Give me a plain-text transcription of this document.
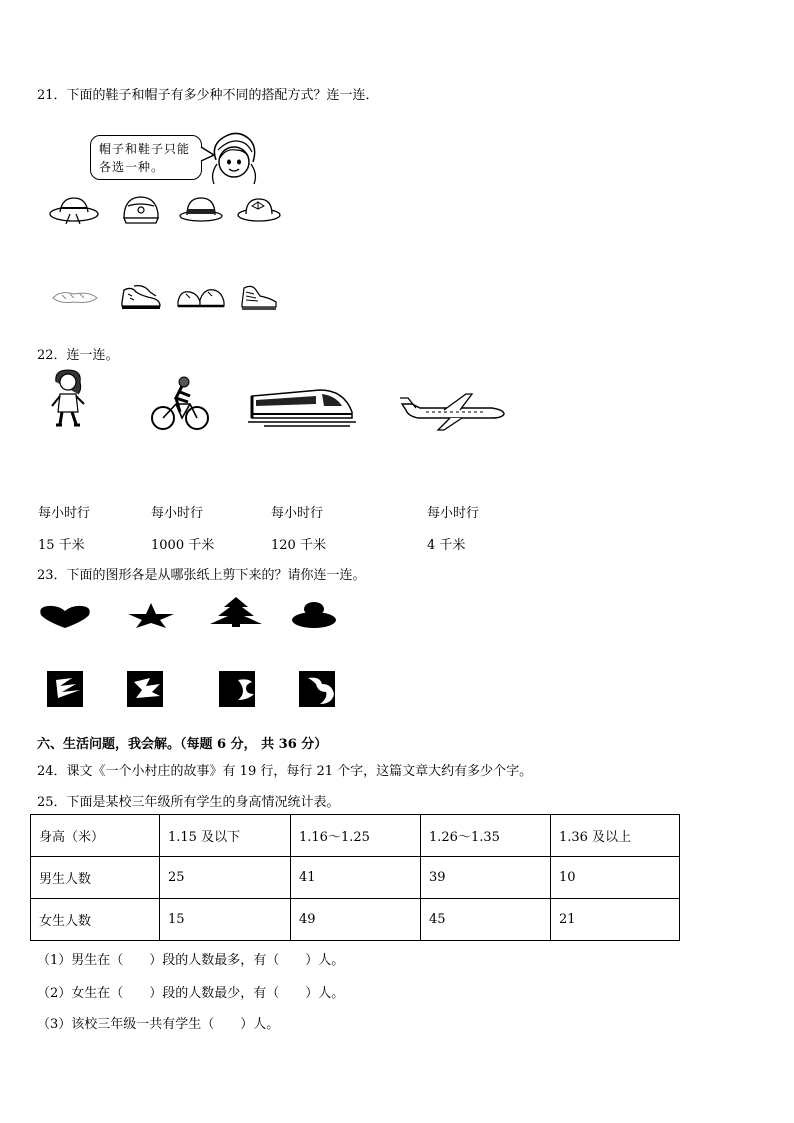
21．下面的鞋子和帽子有多少种不同的搭配方式？连一连．
帽子和鞋子只能
各选一种。
22．连一连。
每小时行
15 千米
每小时行
1000 千米
每小时行
120 千米
每小时行
4 千米
23．下面的图形各是从哪张纸上剪下来的？请你连一连。
六、生活问题，我会解。（每题 6 分， 共 36 分）
24．课文《一个小村庄的故事》有 19 行，每行 21 个字，这篇文章大约有多少个字。
25．下面是某校三年级所有学生的身高情况统计表。
身高（米）	1.15 及以下	1.16～1.25	1.26～1.35	1.36 及以上
男生人数	25	41	39	10
女生人数	15	49	45	21
（1）男生在（　　）段的人数最多，有（　　）人。
（2）女生在（　　）段的人数最少，有（　　）人。
（3）该校三年级一共有学生（　　）人。
